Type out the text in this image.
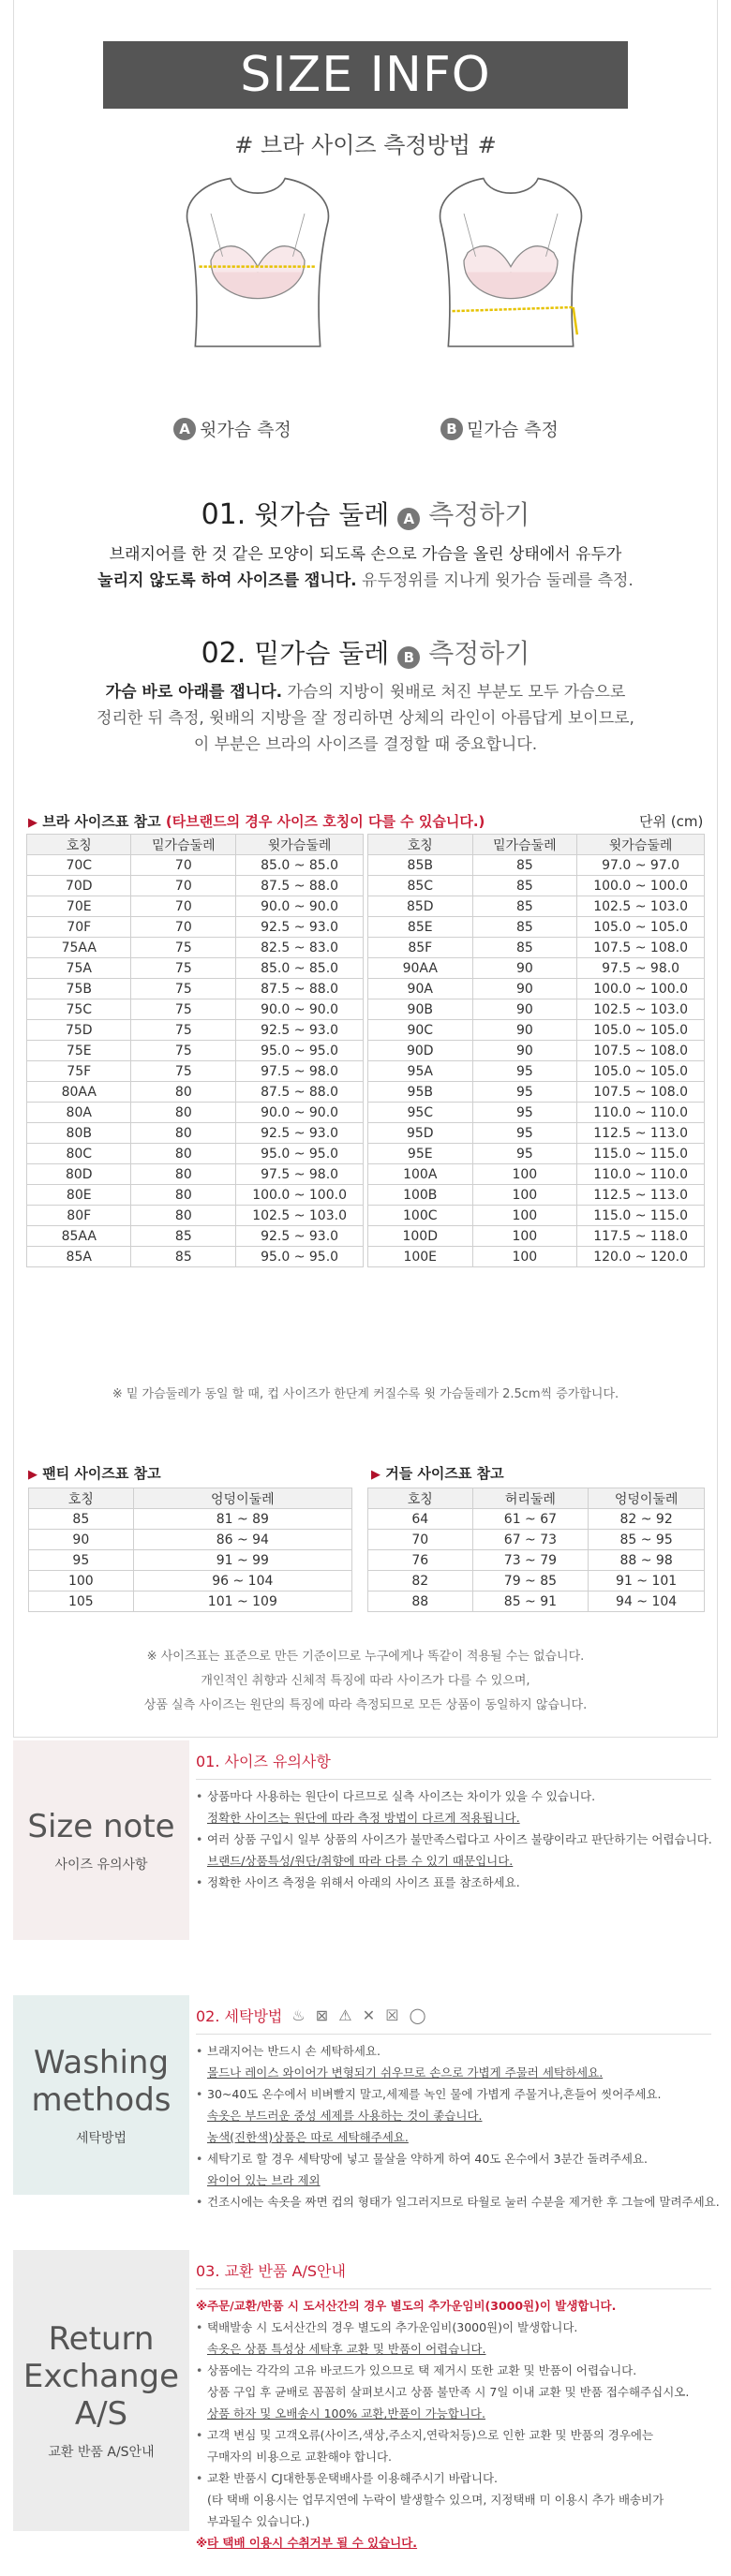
SIZE INFO
# 브라 사이즈 측정방법 #
A 윗가슴 측정	B 밑가슴 측정
01. 윗가슴 둘레 A 측정하기
브래지어를 한 것 같은 모양이 되도록 손으로 가슴을 올린 상태에서 유두가
눌리지 않도록 하여 사이즈를 잽니다. 유두정위를 지나게 윗가슴 둘레를 측정.
02. 밑가슴 둘레 B 측정하기
가슴 바로 아래를 잽니다. 가슴의 지방이 윗배로 처진 부분도 모두 가슴으로
정리한 뒤 측정, 윗배의 지방을 잘 정리하면 상체의 라인이 아름답게 보이므로,
이 부분은 브라의 사이즈를 결정할 때 중요합니다.
▶ 브라 사이즈표 참고 (타브랜드의 경우 사이즈 호칭이 다를 수 있습니다.)	단위 (cm)
호칭	밑가슴둘레	윗가슴둘레
70C	70	85.0 ~ 85.0
70D	70	87.5 ~ 88.0
70E	70	90.0 ~ 90.0
70F	70	92.5 ~ 93.0
75AA	75	82.5 ~ 83.0
75A	75	85.0 ~ 85.0
75B	75	87.5 ~ 88.0
75C	75	90.0 ~ 90.0
75D	75	92.5 ~ 93.0
75E	75	95.0 ~ 95.0
75F	75	97.5 ~ 98.0
80AA	80	87.5 ~ 88.0
80A	80	90.0 ~ 90.0
80B	80	92.5 ~ 93.0
80C	80	95.0 ~ 95.0
80D	80	97.5 ~ 98.0
80E	80	100.0 ~ 100.0
80F	80	102.5 ~ 103.0
85AA	85	92.5 ~ 93.0
85A	85	95.0 ~ 95.0
호칭	밑가슴둘레	윗가슴둘레
85B	85	97.0 ~ 97.0
85C	85	100.0 ~ 100.0
85D	85	102.5 ~ 103.0
85E	85	105.0 ~ 105.0
85F	85	107.5 ~ 108.0
90AA	90	97.5 ~ 98.0
90A	90	100.0 ~ 100.0
90B	90	102.5 ~ 103.0
90C	90	105.0 ~ 105.0
90D	90	107.5 ~ 108.0
95A	95	105.0 ~ 105.0
95B	95	107.5 ~ 108.0
95C	95	110.0 ~ 110.0
95D	95	112.5 ~ 113.0
95E	95	115.0 ~ 115.0
100A	100	110.0 ~ 110.0
100B	100	112.5 ~ 113.0
100C	100	115.0 ~ 115.0
100D	100	117.5 ~ 118.0
100E	100	120.0 ~ 120.0
※ 밑 가슴둘레가 동일 할 때, 컵 사이즈가 한단계 커질수록 윗 가슴둘레가 2.5cm씩 증가합니다.
▶ 팬티 사이즈표 참고
호칭	엉덩이둘레
85	81 ~ 89
90	86 ~ 94
95	91 ~ 99
100	96 ~ 104
105	101 ~ 109
▶ 거들 사이즈표 참고
호칭	허리둘레	엉덩이둘레
64	61 ~ 67	82 ~ 92
70	67 ~ 73	85 ~ 95
76	73 ~ 79	88 ~ 98
82	79 ~ 85	91 ~ 101
88	85 ~ 91	94 ~ 104
※ 사이즈표는 표준으로 만든 기준이므로 누구에게나 똑같이 적용될 수는 없습니다.
개인적인 취향과 신체적 특징에 따라 사이즈가 다를 수 있으며,
상품 실측 사이즈는 원단의 특징에 따라 측정되므로 모든 상품이 동일하지 않습니다.
Size note
사이즈 유의사항
01. 사이즈 유의사항
• 상품마다 사용하는 원단이 다르므로 실측 사이즈는 차이가 있을 수 있습니다.
정확한 사이즈는 원단에 따라 측정 방법이 다르게 적용됩니다.
• 여러 상품 구입시 일부 상품의 사이즈가 불만족스럽다고 사이즈 불량이라고 판단하기는 어렵습니다.
브랜드/상품특성/원단/취향에 따라 다를 수 있기 때문입니다.
• 정확한 사이즈 측정을 위해서 아래의 사이즈 표를 참조하세요.
Washing
methods
세탁방법
02. 세탁방법 ♨ ⊠ ⚠ ✕ ☒ ◯
• 브래지어는 반드시 손 세탁하세요.
몰드나 레이스 와이어가 변형되기 쉬우므로 손으로 가볍게 주물러 세탁하세요.
• 30~40도 온수에서 비벼빨지 말고,세제를 녹인 물에 가볍게 주물거나,흔들어 씻어주세요.
속옷은 부드러운 중성 세제를 사용하는 것이 좋습니다.
농색(진한색)상품은 따로 세탁해주세요.
• 세탁기로 할 경우 세탁망에 넣고 물살을 약하게 하여 40도 온수에서 3분간 돌려주세요.
와이어 있는 브라 제외
• 건조시에는 속옷을 짜면 컵의 형태가 일그러지므로 타월로 눌러 수분을 제거한 후 그늘에 말려주세요.
Return
Exchange
A/S
교환 반품 A/S안내
03. 교환 반품 A/S안내
※ 주문/교환/반품 시 도서산간의 경우 별도의 추가운임비(3000원)이 발생합니다.
• 택배발송 시 도서산간의 경우 별도의 추가운임비(3000원)이 발생합니다.
속옷은 상품 특성상 세탁후 교환 및 반품이 어렵습니다.
• 상품에는 각각의 고유 바코드가 있으므로 택 제거시 또한 교환 및 반품이 어렵습니다.
상품 구입 후 균배로 꼼꼼히 살펴보시고 상품 불만족 시 7일 이내 교환 및 반품 접수해주십시오.
상품 하자 및 오배송시 100% 교환,반품이 가능합니다.
• 고객 변심 및 고객오류(사이즈,색상,주소지,연락처등)으로 인한 교환 및 반품의 경우에는
구매자의 비용으로 교환해야 합니다.
• 교환 반품시 CJ대한통운택배사를 이용해주시기 바랍니다.
(타 택배 이용시는 업무지연에 누락이 발생할수 있으며, 지정택배 미 이용시 추가 배송비가
부과될수 있습니다.)
※ 타 택배 이용시 수취거부 될 수 있습니다.
